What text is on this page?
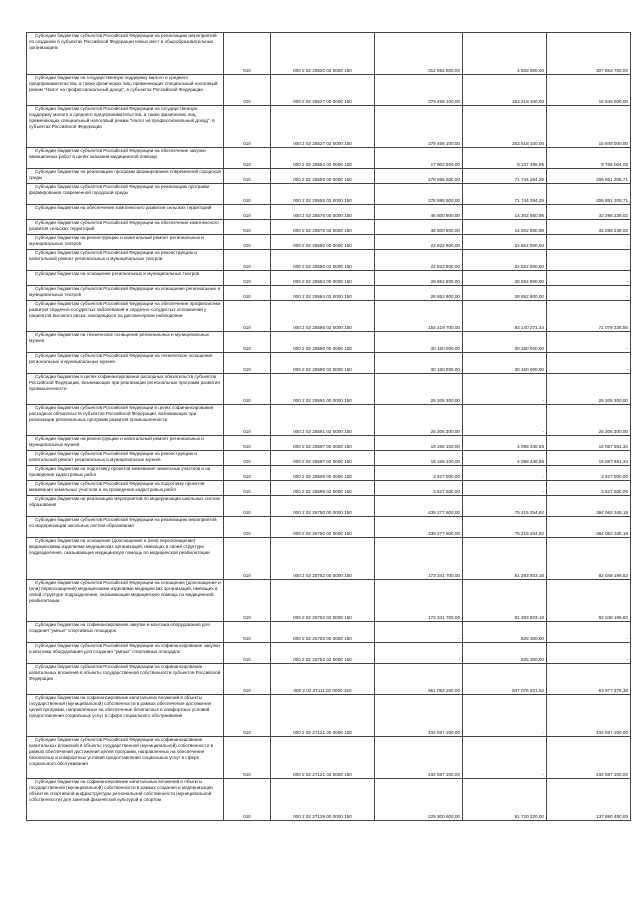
Субсидии бюджетам субъектов Российской Федерации на реализацию мероприятий по созданию в субъектах Российской Федерации новых мест в общеобразовательных организациях	010	000 2 02 25520 02 0000 150	312 692 600,00	4 828 900,00	307 863 700,00
Субсидии бюджетам на государственную поддержку малого и среднего предпринимательства, а также физических лиц, применяющих специальный налоговый режим "Налог на профессиональный доход", в субъектах Российской Федерации	010	000 2 02 25527 00 0000 150	279 466 100,00	263 518 100,00	15 948 000,00
Субсидии бюджетам субъектов Российской Федерации на государственную поддержку малого и среднего предпринимательства, а также физических лиц, применяющих специальный налоговый режим "Налог на профессиональный доход", в субъектах Российской Федерации	010	000 2 02 25527 02 0000 150	279 466 100,00	263 518 100,00	15 948 000,00
Субсидии бюджетам субъектов Российской Федерации на обеспечение закупки авиационных работ в целях оказания медицинской помощи	010	000 2 02 25554 02 0000 150	17 902 500,00	8 137 495,95	9 765 004,05
Субсидии бюджетам на реализацию программ формирования современной городской среды	010	000 2 02 25555 00 0000 150	278 595 500,00	71 744 294,29	206 851 205,71
Субсидии бюджетам субъектов Российской Федерации на реализацию программ формирования современной городской среды	010	000 2 02 25555 02 0000 150	278 595 500,00	71 744 294,29	206 851 205,71
Субсидии бюджетам на обеспечение комплексного развития сельских территорий	010	000 2 02 25576 00 0000 150	46 500 900,00	14 202 660,98	32 298 239,02
Субсидии бюджетам субъектов Российской Федерации на обеспечение комплексного развития сельских территорий	010	000 2 02 25576 02 0000 150	46 500 900,00	14 202 660,98	32 298 239,02
Субсидии бюджетам на реконструкцию и капитальный ремонт региональных и муниципальных театров	010	000 2 02 25580 00 0000 150	22 822 900,00	22 822 900,00	-
Субсидии бюджетам субъектов Российской Федерации на реконструкцию и капитальный ремонт региональных и муниципальных театров	010	000 2 02 25580 02 0000 150	22 822 900,00	22 822 900,00	-
Субсидии бюджетам на оснащение региональных и муниципальных театров	010	000 2 02 25584 00 0000 150	28 652 900,00	28 652 900,00	-
Субсидии бюджетам субъектов Российской Федерации на оснащение региональных и муниципальных театров	010	000 2 02 25584 02 0000 150	28 652 900,00	28 652 900,00	-
Субсидии бюджетам субъектов Российской Федерации на обеспечение профилактики развития сердечно-сосудистых заболеваний и сердечно-сосудистых осложнений у пациентов высокого риска, находящихся на диспансерном наблюдении	010	000 2 02 25586 02 0000 150	154 219 700,00	83 140 371,44	71 079 328,56
Субсидии бюджетам на техническое оснащение региональных и муниципальных музеев	010	000 2 02 25590 00 0000 150	30 150 000,00	30 150 000,00	-
Субсидии бюджетам субъектов Российской Федерации на техническое оснащение региональных и муниципальных музеев	010	000 2 02 25590 02 0000 150	30 150 000,00	30 150 000,00	-
Субсидии бюджетам в целях софинансирования расходных обязательств субъектов Российской Федерации, возникающих при реализации региональных программ развития промышленности	010	000 2 02 25591 00 0000 150	25 205 300,00	-	25 205 300,00
Субсидии бюджетам субъектов Российской Федерации в целях софинансирования расходных обязательств субъектов Российской Федерации, возникающих при реализации региональных программ развития промышленности	010	000 2 02 25591 02 0000 150	25 205 300,00	-	25 205 300,00
Субсидии бюджетам на реконструкцию и капитальный ремонт региональных и муниципальных музеев	010	000 2 02 25597 00 0000 150	19 166 100,00	4 098 448,66	15 067 651,34
Субсидии бюджетам субъектов Российской Федерации на реконструкцию и капитальный ремонт региональных и муниципальных музеев	010	000 2 02 25597 02 0000 150	19 166 100,00	4 098 448,66	15 067 651,34
Субсидии бюджетам на подготовку проектов межевания земельных участков и на проведение кадастровых работ	010	000 2 02 25599 00 0000 150	3 527 500,00	-	3 527 500,00
Субсидии бюджетам субъектов Российской Федерации на подготовку проектов межевания земельных участков и на проведение кадастровых работ	010	000 2 02 25599 02 0000 150	3 527 500,00	-	3 527 500,00
Субсидии бюджетам на реализацию мероприятий по модернизации школьных систем образования	010	000 2 02 25750 00 0000 150	439 277 600,00	75 215 254,82	364 062 345,18
Субсидии бюджетам субъектов Российской Федерации на реализацию мероприятий по модернизации школьных систем образования	010	000 2 02 25750 02 0000 150	439 277 600,00	75 215 254,82	364 062 345,18
Субсидии бюджетам на оснащение (дооснащение и (или) переоснащение) медицинскими изделиями медицинских организаций, имеющих в своей структуре подразделения, оказывающие медицинскую помощь по медицинской реабилитации	010	000 2 02 25752 00 0000 150	173 341 700,00	81 293 503,18	92 048 196,82
Субсидии бюджетам субъектов Российской Федерации на оснащение (дооснащение и (или) переоснащение) медицинскими изделиями медицинских организаций, имеющих в своей структуре подразделения, оказывающие медицинскую помощь по медицинской реабилитации	010	000 2 02 25752 02 0000 150	173 341 700,00	81 293 503,18	92 048 196,82
Субсидии бюджетам на софинансирование закупки и монтажа оборудования для создания "умных" спортивных площадок	010	000 2 02 25753 00 0000 150	-	825 300,00	-
Субсидии бюджетам субъектов Российской Федерации на софинансирование закупки и монтажа оборудования для создания "умных" спортивных площадок	010	000 2 02 25753 02 0000 150	-	825 300,00	-
Субсидии бюджетам субъектов Российской Федерации на софинансирование капитальных вложений в объекты государственной собственности субъектов Российской Федерации	010	000 2 02 27111 02 0000 150	951 054 200,00	847 076 821,62	53 977 378,38
Субсидии бюджетам на софинансирование капитальных вложений в объекты государственной (муниципальной) собственности в рамках обеспечения достижения целей программ, направленных на обеспечение безопасных и комфортных условий предоставления социальных услуг в сфере социального обслуживания	010	000 2 02 27121 00 0000 150	434 597 200,00	-	434 597 200,00
Субсидии бюджетам субъектов Российской Федерации на софинансирование капитальных вложений в объекты государственной (муниципальной) собственности в рамках обеспечения достижения целей программ, направленных на обеспечение безопасных и комфортных условий предоставления социальных услуг в сфере социального обслуживания	010	000 2 02 27121 02 0000 150	434 597 200,00	-	434 597 200,00
Субсидии бюджетам на софинансирование капитальных вложений в объекты государственной (муниципальной) собственности в рамках создания и модернизации объектов спортивной инфраструктуры региональной собственности (муниципальной собственности) для занятий физической культурой и спортом	010	000 2 02 27139 00 0000 150	229 300 600,00	91 720 320,00	137 580 480,00
